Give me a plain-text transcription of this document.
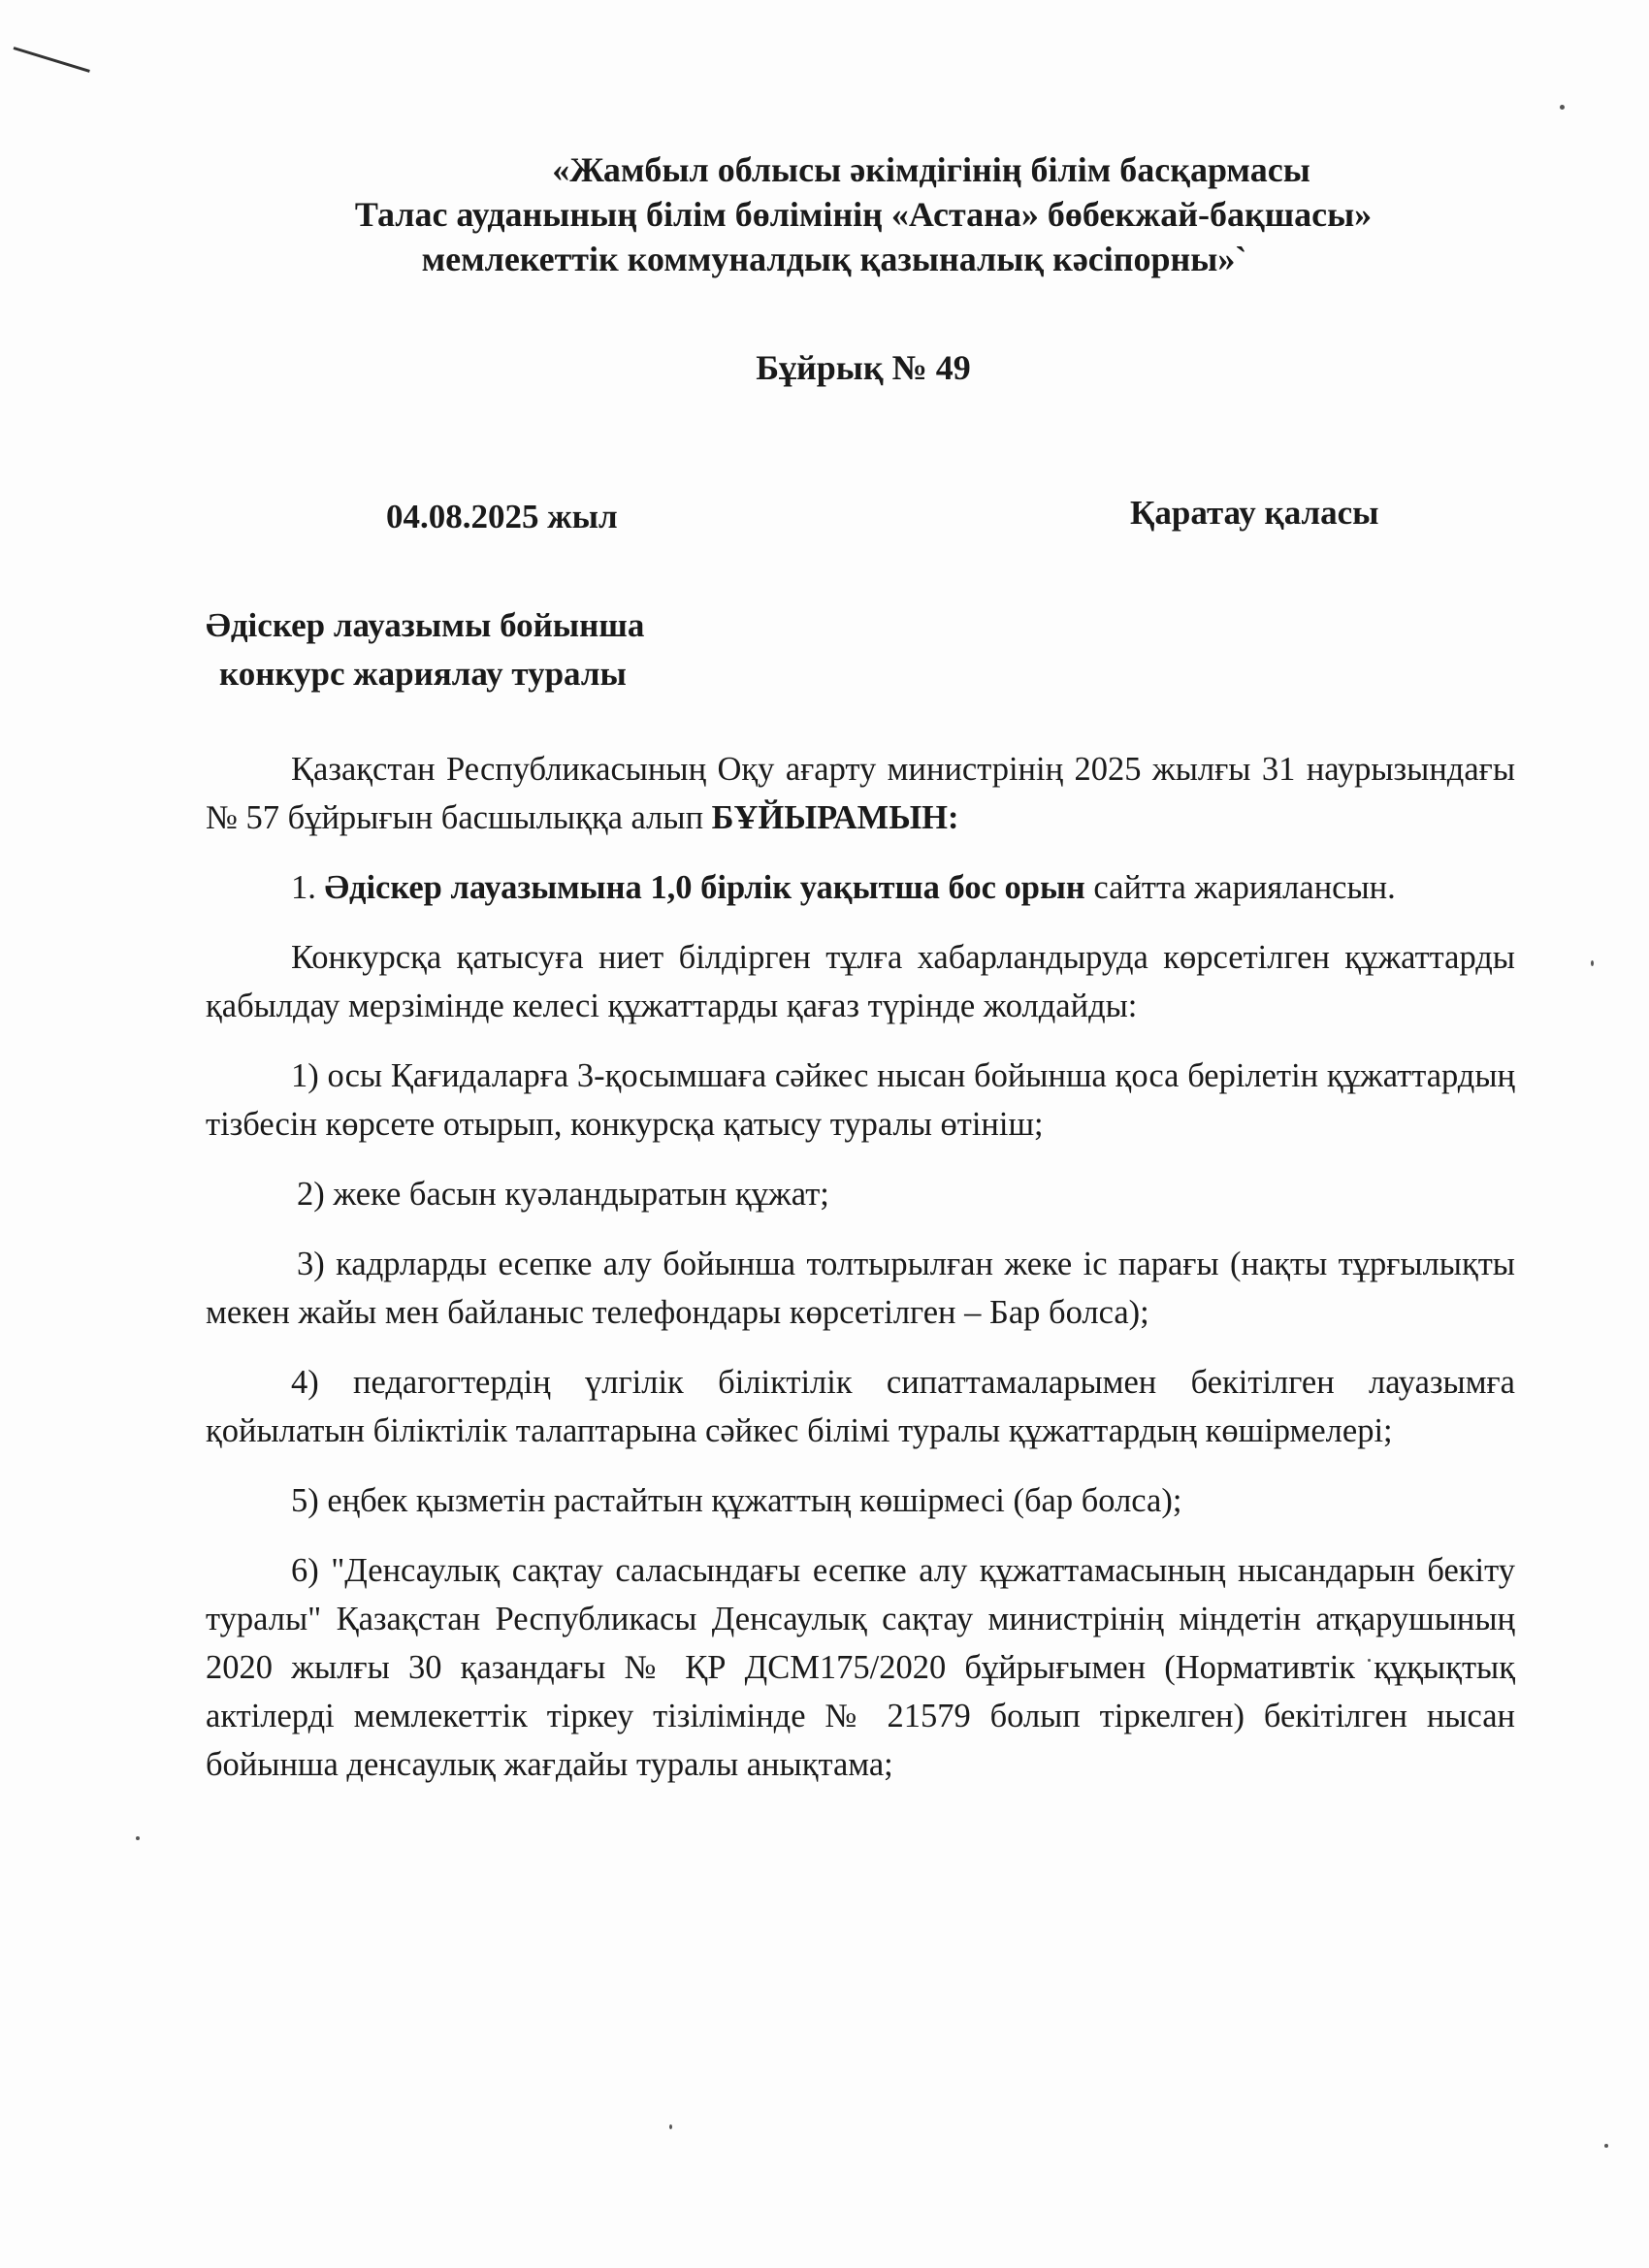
«Жамбыл облысы әкімдігінің білім басқармасы
Талас ауданының білім бөлімінің «Астана» бөбекжай-бақшасы»
мемлекеттік коммуналдық қазыналық кәсіпорны»`
Бұйрық № 49
04.08.2025 жыл	Қаратау қаласы
Әдіскер лауазымы бойынша
конкурс жариялау туралы

Қазақстан Республикасының Оқу ағарту министрінің 2025 жылғы 31 наурызындағы № 57 бұйрығын басшылыққа алып БҰЙЫРАМЫН:

1. Әдіскер лауазымына 1,0 бірлік уақытша бос орын сайтта жариялансын.

Конкурсқа қатысуға ниет білдірген тұлға хабарландыруда көрсетілген құжаттарды қабылдау мерзімінде келесі құжаттарды қағаз түрінде жолдайды:

1) осы Қағидаларға 3-қосымшаға сәйкес нысан бойынша қоса берілетін құжаттардың тізбесін көрсете отырып, конкурсқа қатысу туралы өтініш;

2) жеке басын куәландыратын құжат;

3) кадрларды есепке алу бойынша толтырылған жеке іс парағы (нақты тұрғылықты мекен жайы мен байланыс телефондары көрсетілген – Бар болса);

4) педагогтердің үлгілік біліктілік сипаттамаларымен бекітілген лауазымға қойылатын біліктілік талаптарына сәйкес білімі туралы құжаттардың көшірмелері;

5) еңбек қызметін растайтын құжаттың көшірмесі (бар болса);

6) "Денсаулық сақтау саласындағы есепке алу құжаттамасының нысандарын бекіту туралы" Қазақстан Республикасы Денсаулық сақтау министрінің міндетін атқарушының 2020 жылғы 30 қазандағы № ҚР ДСМ175/2020 бұйрығымен (Нормативтік құқықтық актілерді мемлекеттік тіркеу тізілімінде № 21579 болып тіркелген) бекітілген нысан бойынша денсаулық жағдайы туралы анықтама;
